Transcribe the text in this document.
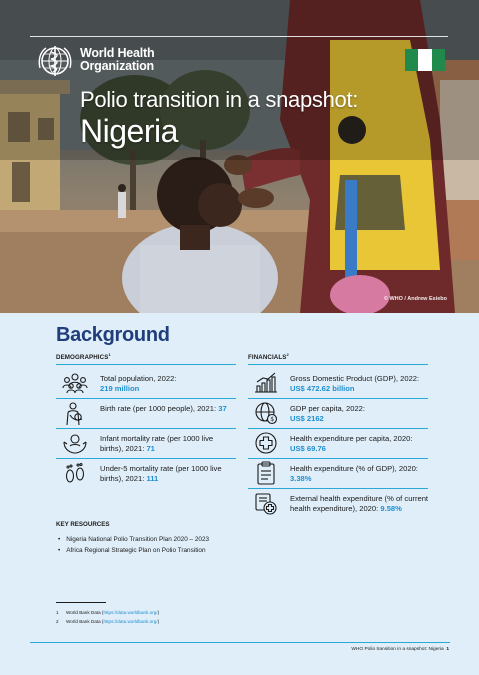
World Health
Organization
Polio transition in a snapshot:
Nigeria
© WHO / Andrew Esiebo
Background
DEMOGRAPHICS$^1$	FINANCIALS$^2$
Total population, 2022:
219 million
Birth rate (per 1000 people), 2021: 37
Infant mortality rate (per 1000 live births), 2021: 71
Under-5 mortality rate (per 1000 live births), 2021: 111
Gross Domestic Product (GDP), 2022:
US$ 472.62 billion
$
GDP per capita, 2022:
US$ 2162
Health expenditure per capita, 2020:
US$ 69.76
Health expenditure (% of GDP), 2020:
3.38%
External health expenditure (% of current health expenditure), 2020: 9.58%
KEY RESOURCES
• Nigeria National Polio Transition Plan 2020 – 2023
• Africa Regional Strategic Plan on Polio Transition
1 World Bank Data (https://data.worldbank.org/)
2 World Bank Data (https://data.worldbank.org/)
WHO Polio transition in a snapshot: Nigeria 1
